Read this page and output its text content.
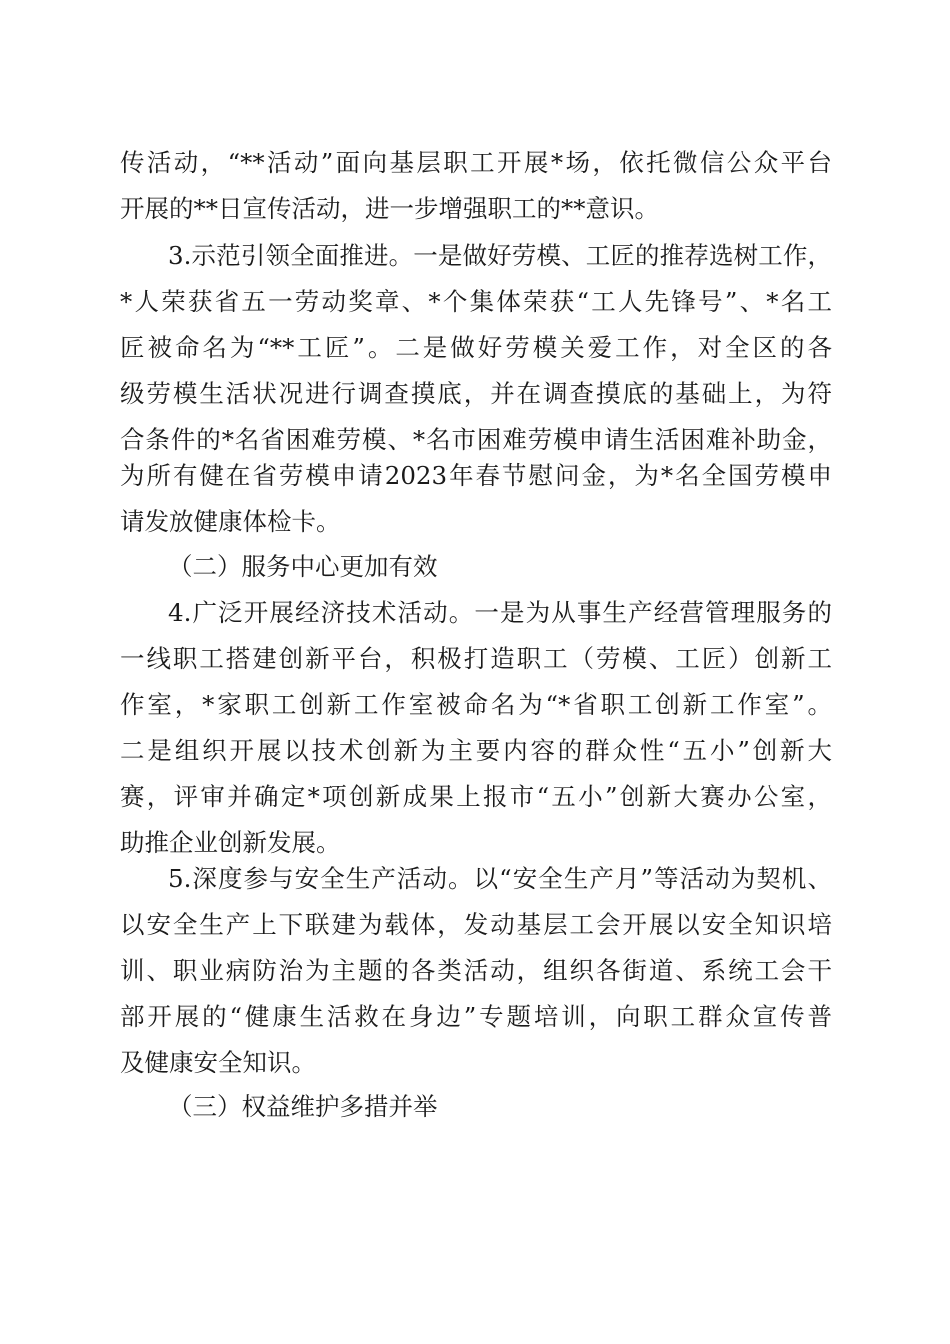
传活动，“**活动”面向基层职工开展*场，依托微信公众平台
开展的**日宣传活动，进一步增强职工的**意识。
3.示范引领全面推进。一是做好劳模、工匠的推荐选树工作，
*人荣获省五一劳动奖章、*个集体荣获“工人先锋号”、*名工
匠被命名为“**工匠”。二是做好劳模关爱工作，对全区的各
级劳模生活状况进行调查摸底，并在调查摸底的基础上，为符
合条件的*名省困难劳模、*名市困难劳模申请生活困难补助金，
为所有健在省劳模申请2023年春节慰问金，为*名全国劳模申
请发放健康体检卡。
（二）服务中心更加有效
4.广泛开展经济技术活动。一是为从事生产经营管理服务的
一线职工搭建创新平台，积极打造职工（劳模、工匠）创新工
作室，*家职工创新工作室被命名为“*省职工创新工作室”。
二是组织开展以技术创新为主要内容的群众性“五小”创新大
赛，评审并确定*项创新成果上报市“五小”创新大赛办公室，
助推企业创新发展。
5.深度参与安全生产活动。以“安全生产月”等活动为契机、
以安全生产上下联建为载体，发动基层工会开展以安全知识培
训、职业病防治为主题的各类活动，组织各街道、系统工会干
部开展的“健康生活救在身边”专题培训，向职工群众宣传普
及健康安全知识。
（三）权益维护多措并举
